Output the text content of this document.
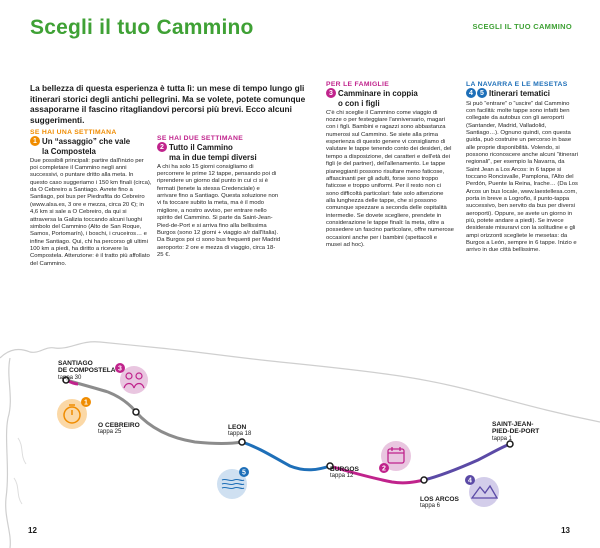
Scegli il tuo Cammino	SCEGLI IL TUO CAMMINO
La bellezza di questa esperienza è tutta lì: un mese di tempo lungo gli itinerari storici degli antichi pellegrini. Ma se volete, potete comunque assaporarne il fascino ritagliandovi percorsi più brevi. Ecco alcuni suggerimenti.
SE HAI UNA SETTIMANA
1 Un “assaggio” che vale
la Compostela
Due possibili principali: partire dall'inizio per poi completare il Cammino negli anni successivi, o puntare dritto alla meta. In questo caso suggeriamo i 150 km finali (circa), da O Cebreiro a Santiago. Avrete fino a Santiago, poi bus per Piedrafita do Cebreiro (www.alsa.es, 3 ore e mezza, circa 20 €); in 4,6 km si sale a O Cebreiro, da qui si attraversa la Galizia toccando alcuni luoghi simbolo del Cammino (Alto de San Roque, Samos, Portomarín), i boschi, i cruceiros… e infine Santiago. Qui, chi ha percorso gli ultimi 100 km a piedi, ha diritto a ricevere la Compostela. Attenzione: è il tratto più affollato del Cammino.
SE HAI DUE SETTIMANE
2 Tutto il Cammino
ma in due tempi diversi
A chi ha solo 15 giorni consigliamo di percorrere le prime 12 tappe, pensando poi di riprendere un giorno dal punto in cui ci si è fermati (tenete la stessa Credenciale) e arrivare fino a Santiago. Questa soluzione non vi fa toccare subito la meta, ma è il modo migliore, a nostro avviso, per entrare nello spirito del Cammino. Si parte da Saint-Jean-Pied-de-Port e si arriva fino alla bellissima Burgos (sono 12 giorni + viaggio a/r dall'Italia). Da Burgos poi ci sono bus frequenti per Madrid aeroporto: 2 ore e mezza di viaggio, circa 18-25 €.
PER LE FAMIGLIE
3 Camminare in coppia
o con i figli
C'è chi sceglie il Cammino come viaggio di nozze o per festeggiare l'anniversario, magari con i figli. Bambini e ragazzi sono abbastanza numerosi sul Cammino. Se siete alla prima esperienza di questo genere vi consigliamo di valutare le tappe tenendo conto dei desideri, del tempo a disposizione, dei caratteri e dell'età dei figli (e del partner), dell'allenamento. Le tappe pianeggianti possono risultare meno faticose, affascinanti per gli adulti, forse sono troppo faticose e troppo uniformi. Per il resto non ci sono difficoltà particolari: fate solo attenzione alla lunghezza delle tappe, che si possono comunque spezzare a seconda delle ospitalità intermedie. Se dovete scegliere, prendete in considerazione le tappe finali: la meta, oltre a possedere un fascino particolare, offre numerose occasioni anche per i bambini (spettacoli e musei ad hoc).
LA NAVARRA E LE MESETAS
4	5 Itinerari tematici
Si può “entrare” o “uscire” dal Cammino con facilità: molte tappe sono infatti ben collegate da autobus con gli aeroporti (Santander, Madrid, Valladolid, Santiago…). Ognuno quindi, con questa guida, può costruire un percorso in base alle proprie disponibilità. Volendo, si possono riconoscere anche alcuni “itinerari regionali”, per esempio la Navarra, da Saint Jean a Los Arcos: in 6 tappe si toccano Roncisvalle, Pamplona, l'Alto del Perdón, Puente la Reina, Irache… (Da Los Arcos un bus locale, www.laestellesa.com, porta in breve a Logroño, il punto-tappa successivo, ben servito da bus per diversi aeroporti). Oppure, se avete un giorno in più, potete andare a piedi). Se invece desiderate misurarvi con la solitudine e gli ampi orizzonti scegliete le mesetas: da Burgos a León, sempre in 6 tappe. Inizio e arrivo in due città bellissime.
3
1
5
2
4

SANTIAGO
DE COMPOSTELA

tappa 30

O CEBREIRO

tappa 25

LEON

tappa 18

BURGOS

tappa 12

LOS ARCOS

tappa 6

SAINT-JEAN-
PIED-DE-PORT

tappa 1

12	13
